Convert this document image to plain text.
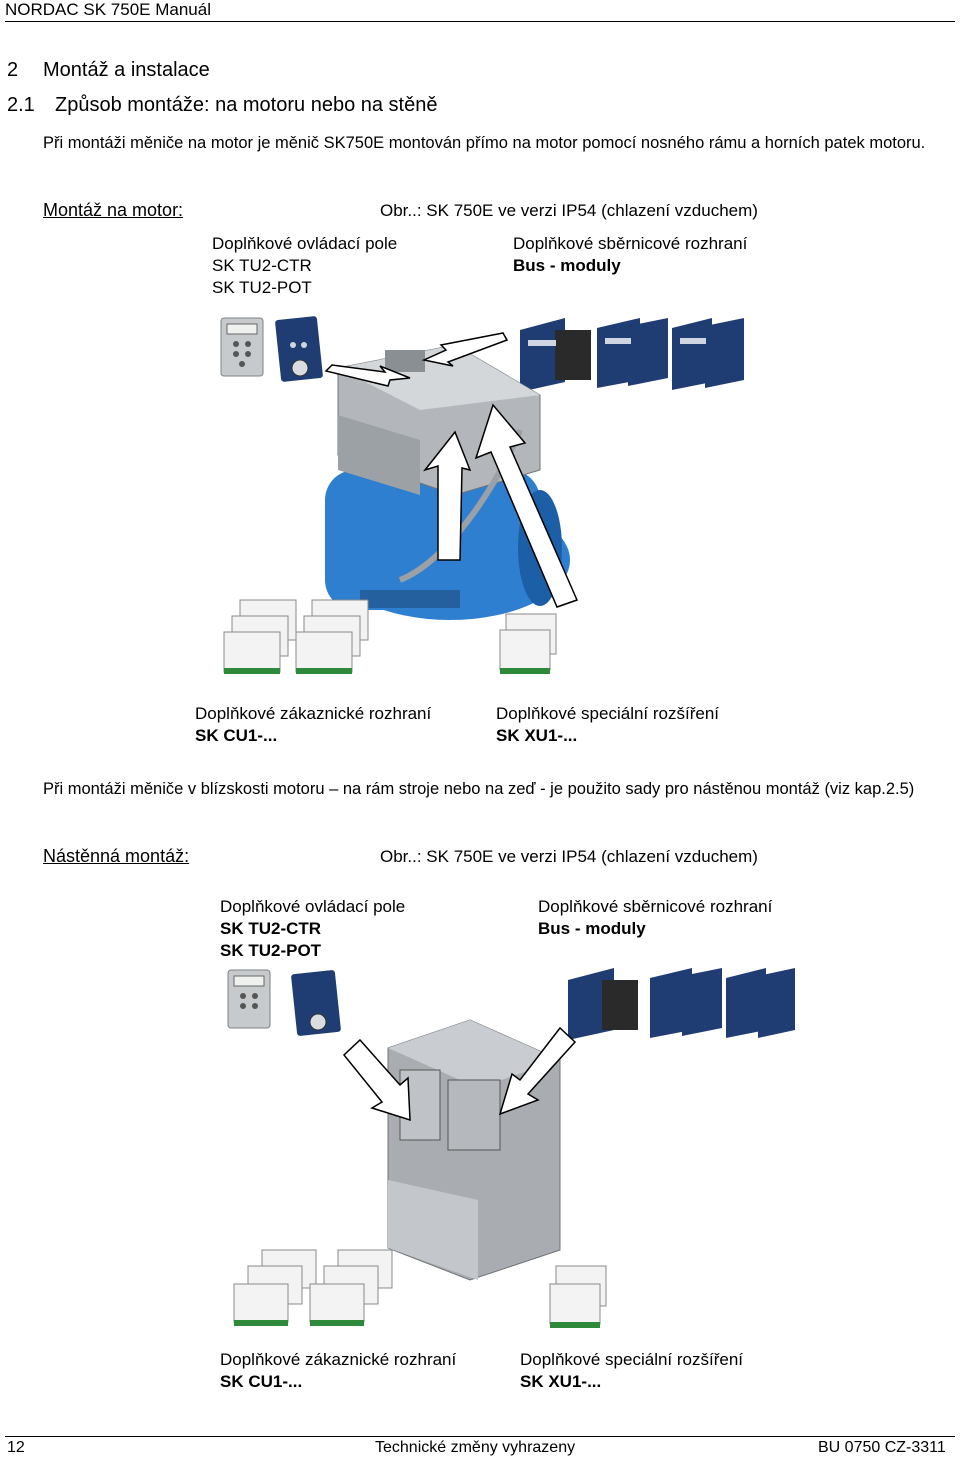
NORDAC SK 750E Manuál
2 Montáž a instalace
2.1 Způsob montáže: na motoru nebo na stěně
Při montáži měniče na motor je měnič SK750E montován přímo na motor pomocí nosného rámu a horních patek motoru.
Montáž na motor:	Obr..: SK 750E ve verzi IP54 (chlazení vzduchem)
Doplňkové ovládací pole
SK TU2-CTR
SK TU2-POT
Doplňkové sběrnicové rozhraní
Bus - moduly
Doplňkové zákaznické rozhraní
SK CU1-...
Doplňkové speciální rozšíření
SK XU1-...
Při montáži měniče v blízskosti motoru – na rám stroje nebo na zeď - je použito sady pro nástěnou montáž (viz kap.2.5)
Nástěnná montáž:	Obr..: SK 750E ve verzi IP54 (chlazení vzduchem)
Doplňkové ovládací pole
SK TU2-CTR
SK TU2-POT
Doplňkové sběrnicové rozhraní
Bus - moduly
Doplňkové zákaznické rozhraní
SK CU1-...
Doplňkové speciální rozšíření
SK XU1-...
12	Technické změny vyhrazeny	BU 0750 CZ-3311
